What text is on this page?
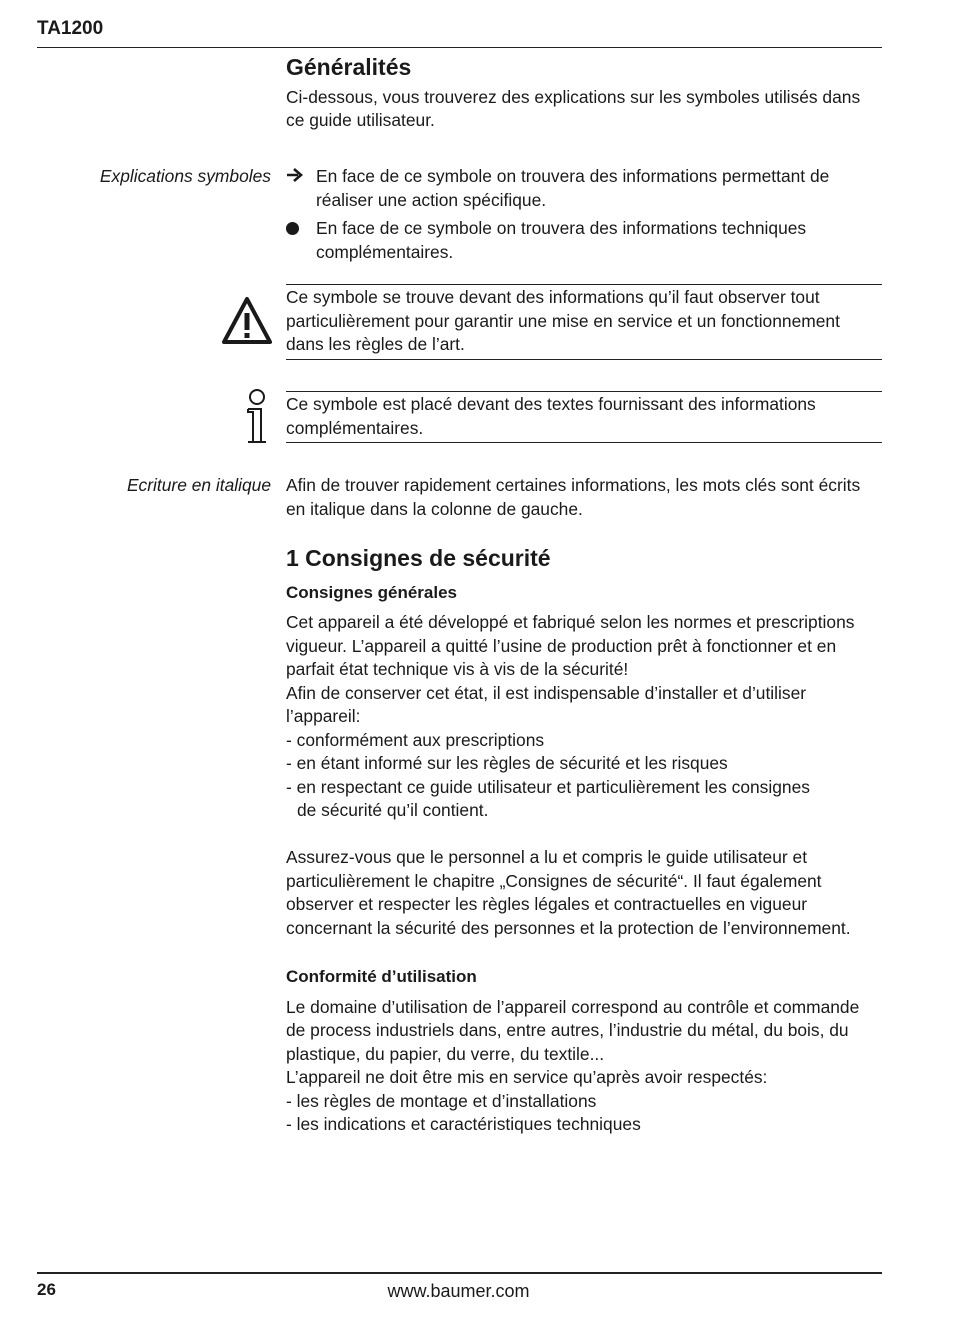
TA1200
Généralités

Ci-dessous, vous trouverez des explications sur les symboles utilisés dans ce guide utilisateur.

Explications symboles	En face de ce symbole on trouvera des informations permettant de réaliser une action spécifique.

En face de ce symbole on trouvera des informations techniques complémentaires.

Ce symbole se trouve devant des informations qu’il faut observer tout particulièrement pour garantir une mise en service et un fonctionnement dans les règles de l’art.
Ce symbole est placé devant des textes fournissant des informations complémentaires.
Ecriture en italique Afin de trouver rapidement certaines informations, les mots clés sont écrits en italique dans la colonne de gauche.
1 Consignes de sécurité
Consignes générales

Cet appareil a été développé et fabriqué selon les normes et prescriptions vigueur. L’appareil a quitté l’usine de production prêt à fonctionner et en parfait état technique vis à vis de la sécurité!

Afin de conserver cet état, il est indispensable d’installer et d’utiliser l’appareil:

- conformément aux prescriptions

- en étant informé sur les règles de sécurité et les risques

- en respectant ce guide utilisateur et particulièrement les consignes

de sécurité qu’il contient.

Assurez-vous que le personnel a lu et compris le guide utilisateur et particulièrement le chapitre „Consignes de sécurité“. Il faut également observer et respecter les règles légales et contractuelles en vigueur concernant la sécurité des personnes et la protection de l’environnement.

Conformité d’utilisation

Le domaine d’utilisation de l’appareil correspond au contrôle et commande de process industriels dans, entre autres, l’industrie du métal, du bois, du plastique, du papier, du verre, du textile...

L’appareil ne doit être mis en service qu’après avoir respectés:

- les règles de montage et d’installations

- les indications et caractéristiques techniques

26	www.baumer.com
